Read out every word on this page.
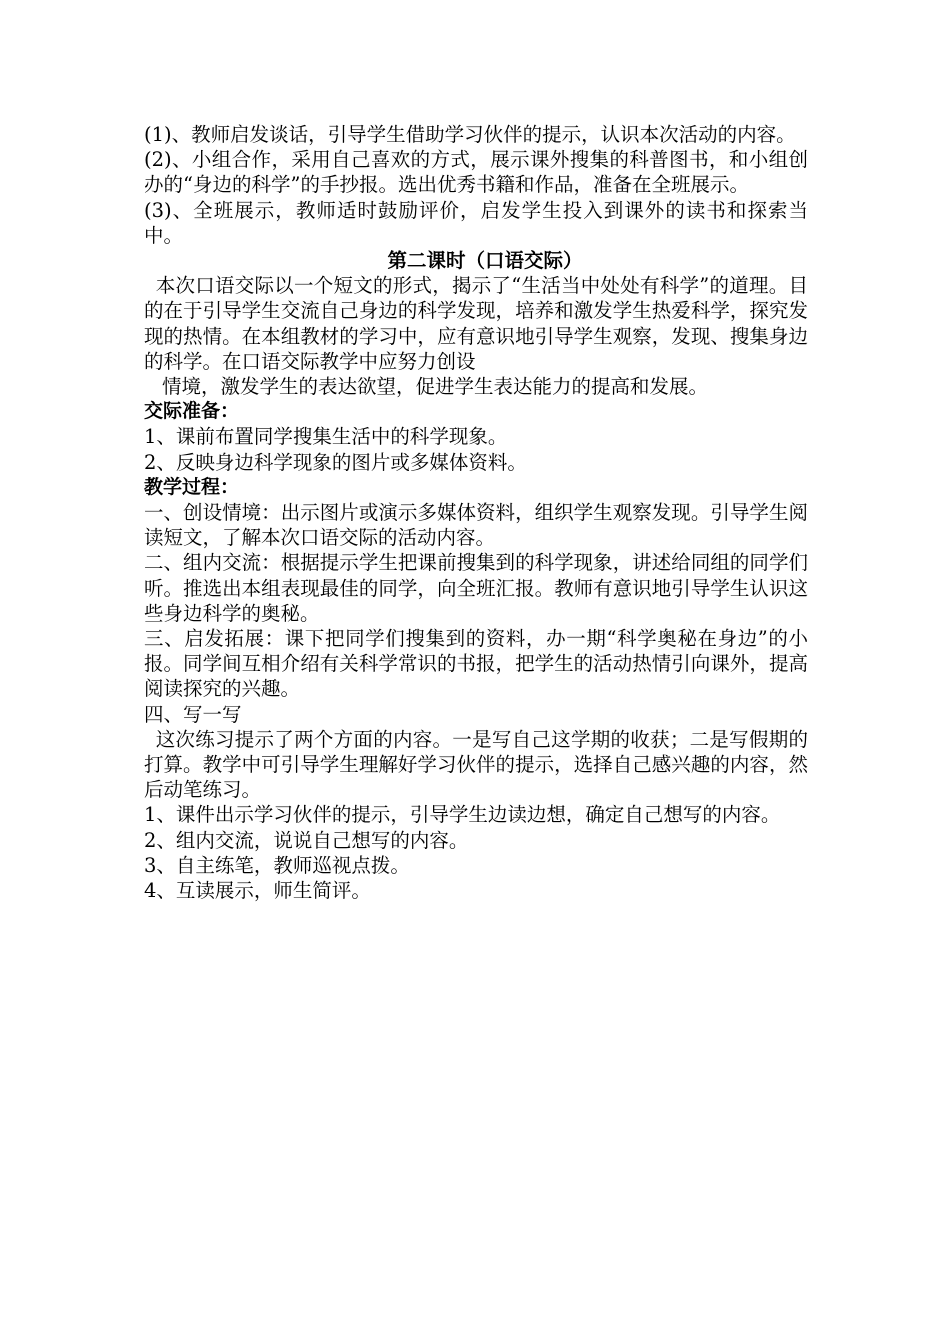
(1)、教师启发谈话，引导学生借助学习伙伴的提示，认识本次活动的内容。

(2)、小组合作，采用自己喜欢的方式，展示课外搜集的科普图书，和小组创办的“身边的科学”的手抄报。选出优秀书籍和作品，准备在全班展示。

(3)、全班展示，教师适时鼓励评价，启发学生投入到课外的读书和探索当中。

第二课时（口语交际）

本次口语交际以一个短文的形式，揭示了“生活当中处处有科学”的道理。目的在于引导学生交流自己身边的科学发现，培养和激发学生热爱科学，探究发现的热情。在本组教材的学习中，应有意识地引导学生观察，发现、搜集身边的科学。在口语交际教学中应努力创设

情境，激发学生的表达欲望，促进学生表达能力的提高和发展。

交际准备：

1、课前布置同学搜集生活中的科学现象。

2、反映身边科学现象的图片或多媒体资料。

教学过程：

一、创设情境：出示图片或演示多媒体资料，组织学生观察发现。引导学生阅读短文，了解本次口语交际的活动内容。

二、组内交流：根据提示学生把课前搜集到的科学现象，讲述给同组的同学们听。推选出本组表现最佳的同学，向全班汇报。教师有意识地引导学生认识这些身边科学的奥秘。

三、启发拓展：课下把同学们搜集到的资料，办一期“科学奥秘在身边”的小报。同学间互相介绍有关科学常识的书报，把学生的活动热情引向课外，提高阅读探究的兴趣。

四、写一写

这次练习提示了两个方面的内容。一是写自己这学期的收获；二是写假期的打算。教学中可引导学生理解好学习伙伴的提示，选择自己感兴趣的内容，然后动笔练习。

1、课件出示学习伙伴的提示，引导学生边读边想，确定自己想写的内容。

2、组内交流，说说自己想写的内容。

3、自主练笔，教师巡视点拨。

4、互读展示，师生简评。
